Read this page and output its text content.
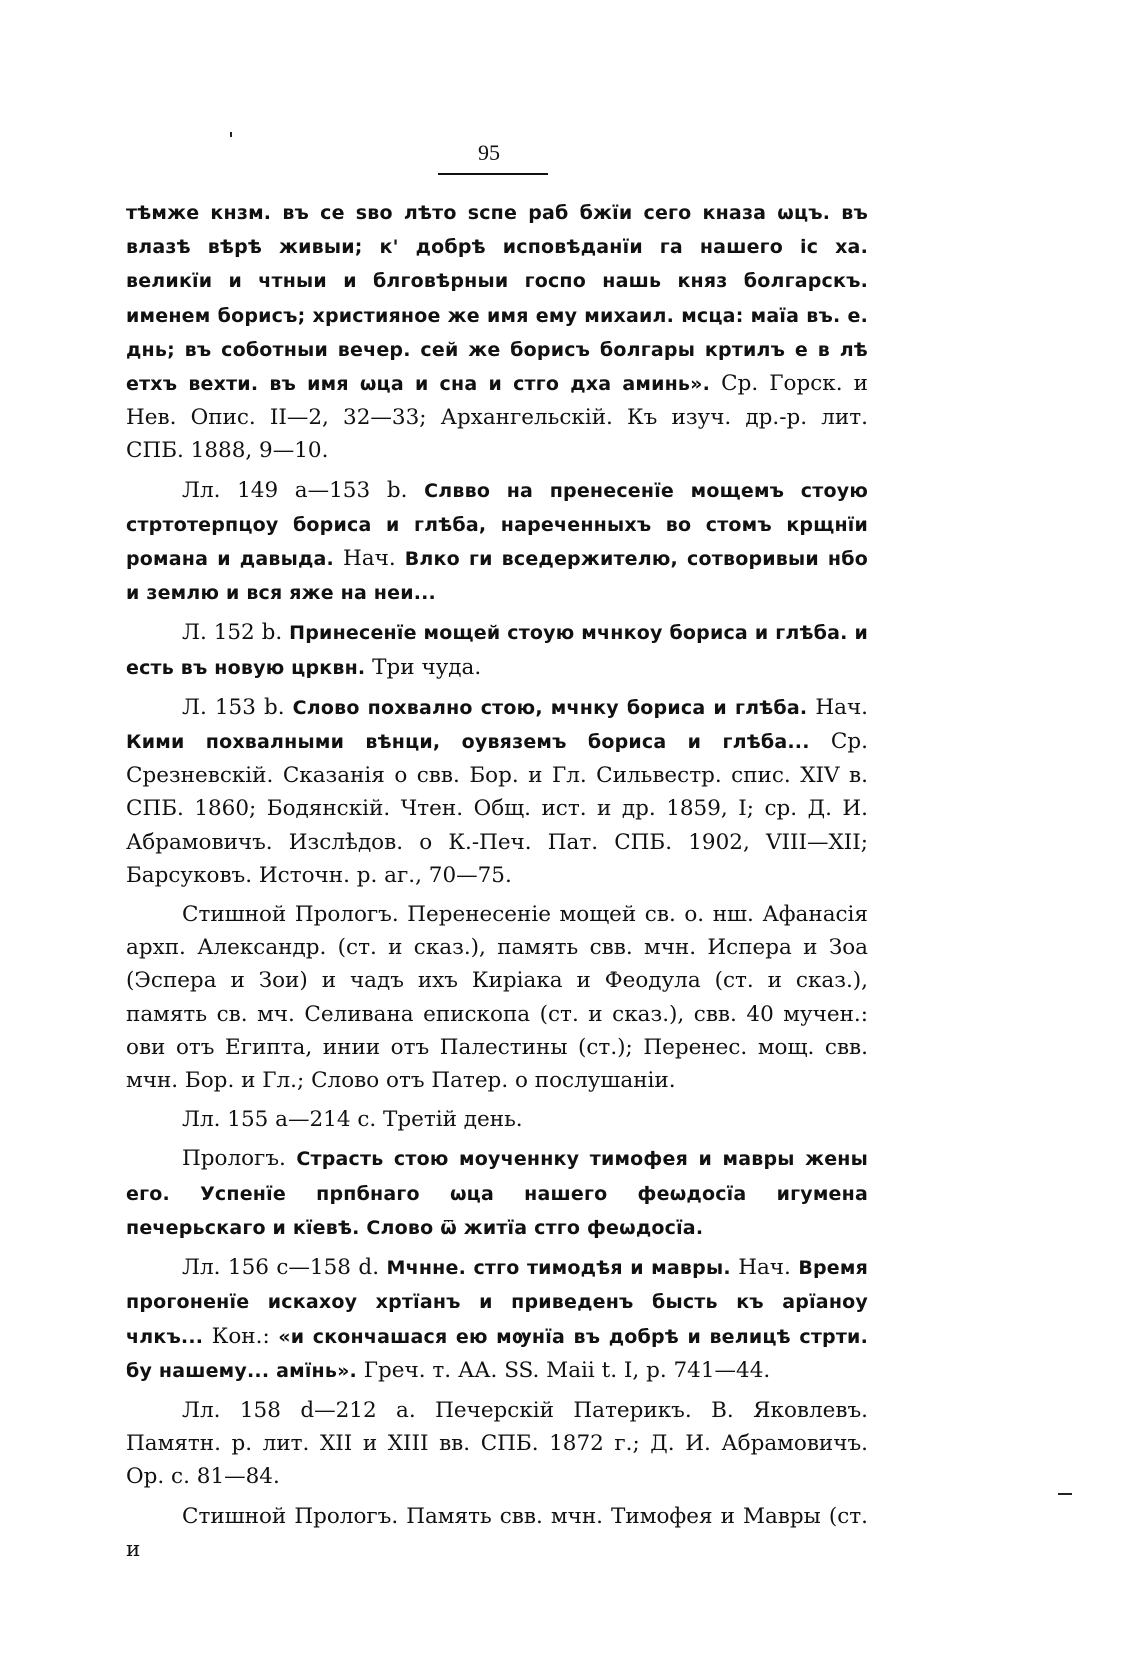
95

тѣмже кнзм. въ се ѕво лѣто ѕспе раб бжїи сего кназа ѡцъ. въ влазѣ вѣрѣ живыи; к' добрѣ исповѣданїи га нашего іс ха. великїи и чтныи и блговѣрныи госпо нашь княз болгарскъ. именем борисъ; християное же имя ему михаил. мсца: маїа въ. е. днь; въ соботныи вечер. сей же борисъ болгары кртилъ е в лѣ етхъ вехти. въ имя ѡца и сна и стго дха аминь». Ср. Горск. и Нев. Опис. II—2, 32—33; Архангельскій. Къ изуч. др.-р. лит. СПБ. 1888, 9—10.

Лл. 149 а—153 b. Слвво на пренесенїе мощемъ стоую стртотерпцоу бориса и глѣба, нареченныхъ во стомъ крщнїи романа и давыда. Нач. Влко ги вседержителю, сотворивыи нбо и землю и вся яже на неи...

Л. 152 b. Принесенїе мощей стоую мчнкоу бориса и глѣба. и есть въ новую црквн. Три чуда.

Л. 153 b. Слово похвално стою, мчнку бориса и глѣба. Нач. Кими похвалными вѣнци, оувяземъ бориса и глѣба... Ср. Срезневскій. Сказанія о свв. Бор. и Гл. Сильвестр. спис. XIV в. СПБ. 1860; Бодянскій. Чтен. Общ. ист. и др. 1859, I; ср. Д. И. Абрамовичъ. Изслѣдов. о К.-Печ. Пат. СПБ. 1902, VIII—XII; Барсуковъ. Источн. р. аг., 70—75.

Стишной Прологъ. Перенесеніе мощей св. о. нш. Афанасія архп. Александр. (ст. и сказ.), память свв. мчн. Испера и Зоа (Эспера и Зои) и чадъ ихъ Киріака и Феодула (ст. и сказ.), память св. мч. Селивана епископа (ст. и сказ.), свв. 40 мучен.: ови отъ Египта, инии отъ Палестины (ст.); Перенес. мощ. свв. мчн. Бор. и Гл.; Слово отъ Патер. о послушаніи.

Лл. 155 а—214 с. Третій день.

Прологъ. Страсть стою моученнку тимофея и мавры жены его. Успенїе прпбнаго ѡца нашего феѡдосїа игумена печерьскаго и кїевѣ. Слово ѿ житїа стго феѡдосїа.

Лл. 156 с—158 d. Мчнне. стго тимодѣя и мавры. Нач. Время прогоненїе искахоу хртїанъ и приведенъ бысть къ арїаноу члкъ... Кон.: «и скончашася ею мѹнїа въ добрѣ и велицѣ стрти. бу нашему... амїнь». Греч. т. АА. SS. Maii t. I, p. 741—44.

Лл. 158 d—212 а. Печерскій Патерикъ. В. Яковлевъ. Памятн. р. лит. XII и XIII вв. СПБ. 1872 г.; Д. И. Абрамовичъ. Ор. с. 81—84.

Стишной Прологъ. Память свв. мчн. Тимофея и Мавры (ст. и
